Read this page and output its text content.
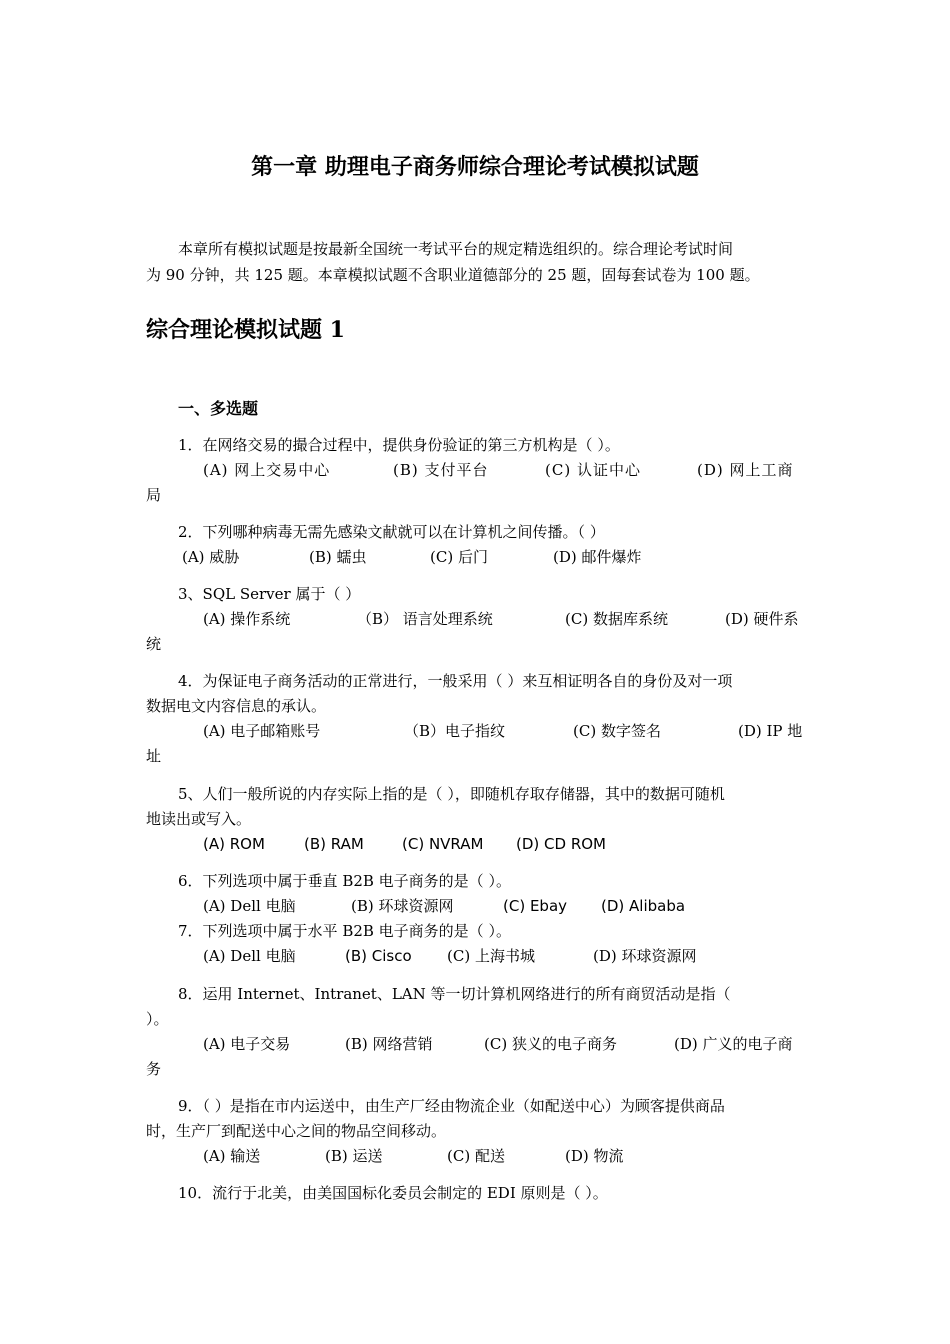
第一章 助理电子商务师综合理论考试模拟试题
本章所有模拟试题是按最新全国统一考试平台的规定精选组织的。综合理论考试时间
为 90 分钟，共 125 题。本章模拟试题不含职业道德部分的 25 题，固每套试卷为 100 题。
综合理论模拟试题 1
一、多选题
1．在网络交易的撮合过程中，提供身份验证的第三方机构是（ ）。
(A) 网上交易中心	(B) 支付平台	(C) 认证中心	(D) 网上工商
局
2．下列哪种病毒无需先感染文献就可以在计算机之间传播。（ ）
(A) 威胁	(B) 蠕虫	(C) 后门	(D) 邮件爆炸
3、SQL Server 属于（ ）
(A) 操作系统	（B） 语言处理系统	(C) 数据库系统	(D) 硬件系
统
4．为保证电子商务活动的正常进行，一般采用（ ）来互相证明各自的身份及对一项
数据电文内容信息的承认。
(A) 电子邮箱账号	（B）电子指纹	(C) 数字签名	(D) IP 地
址
5、人们一般所说的内存实际上指的是（ ），即随机存取存储器，其中的数据可随机
地读出或写入。
(A) ROM	(B) RAM	(C) NVRAM (D) CD ROM
6．下列选项中属于垂直 B2B 电子商务的是（ ）。
(A) Dell 电脑	(B) 环球资源网	(C) Ebay (D) Alibaba
7．下列选项中属于水平 B2B 电子商务的是（ ）。
(A) Dell 电脑	(B) Cisco (C) 上海书城	(D) 环球资源网
8．运用 Internet、Intranet、LAN 等一切计算机网络进行的所有商贸活动是指（
）。
(A) 电子交易	(B) 网络营销	(C) 狭义的电子商务	(D) 广义的电子商
务
9．（ ）是指在市内运送中，由生产厂经由物流企业（如配送中心）为顾客提供商品
时，生产厂到配送中心之间的物品空间移动。
(A) 输送	(B) 运送	(C) 配送	(D) 物流
10．流行于北美，由美国国标化委员会制定的 EDI 原则是（ ）。
